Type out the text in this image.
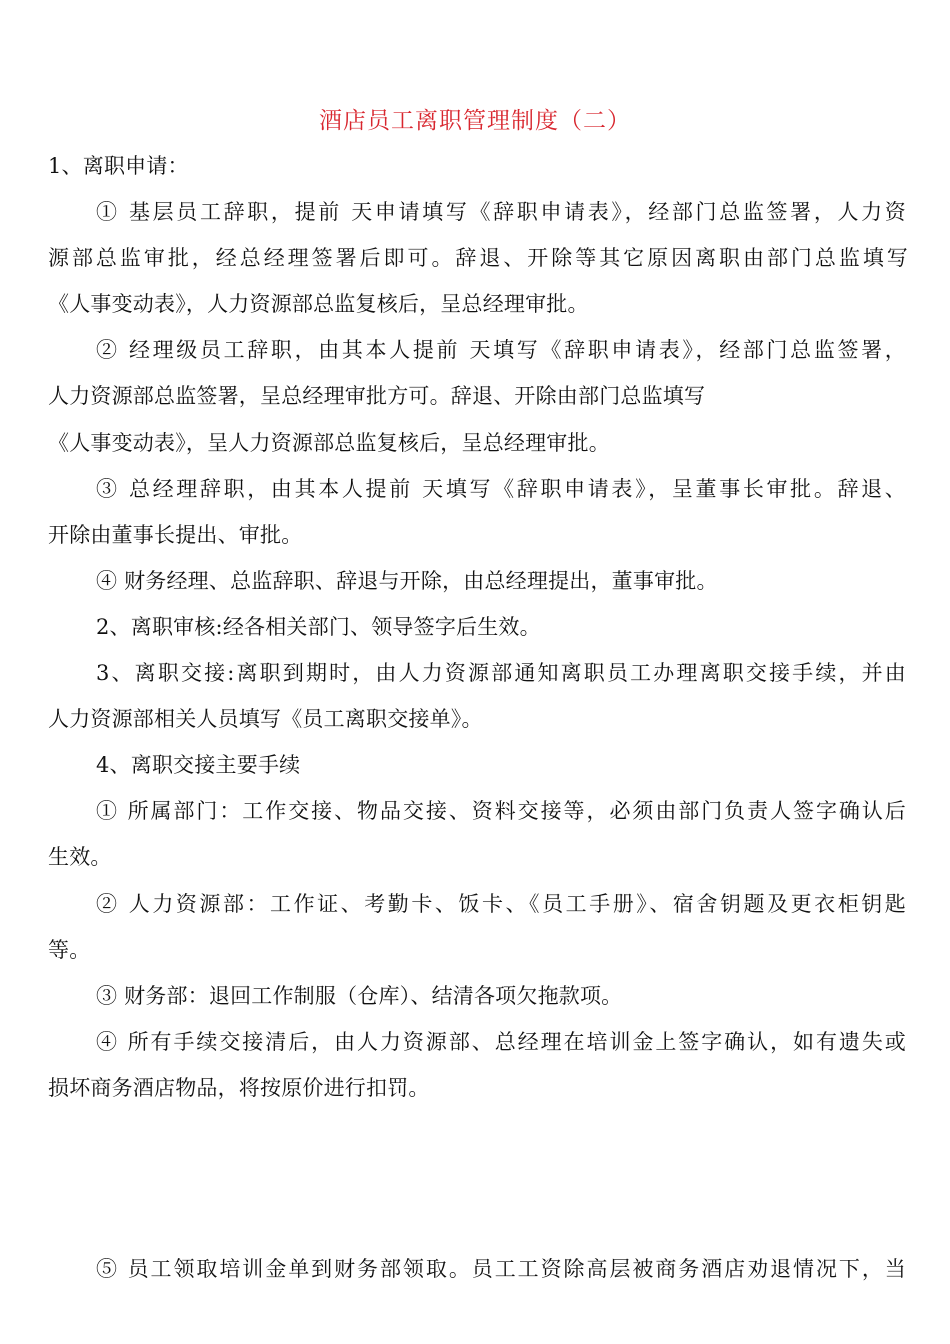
酒店员工离职管理制度（二）
1、离职申请：
① 基层员工辞职，提前 天申请填写《辞职申请表》，经部门总监签署，人力资
源部总监审批，经总经理签署后即可。辞退、开除等其它原因离职由部门总监填写
《人事变动表》，人力资源部总监复核后，呈总经理审批。
② 经理级员工辞职，由其本人提前 天填写《辞职申请表》，经部门总监签署，
人力资源部总监签署，呈总经理审批方可。辞退、开除由部门总监填写
《人事变动表》，呈人力资源部总监复核后，呈总经理审批。
③ 总经理辞职，由其本人提前 天填写《辞职申请表》，呈董事长审批。辞退、
开除由董事长提出、审批。
④ 财务经理、总监辞职、辞退与开除，由总经理提出，董事审批。
2、离职审核:经各相关部门、领导签字后生效。
3、离职交接:离职到期时，由人力资源部通知离职员工办理离职交接手续，并由
人力资源部相关人员填写《员工离职交接单》。
4、离职交接主要手续
① 所属部门：工作交接、物品交接、资料交接等，必须由部门负责人签字确认后
生效。
② 人力资源部：工作证、考勤卡、饭卡、《员工手册》、宿舍钥题及更衣柜钥匙
等。
③ 财务部：退回工作制服（仓库）、结清各项欠拖款项。
④ 所有手续交接清后，由人力资源部、总经理在培训金上签字确认，如有遗失或
损坏商务酒店物品，将按原价进行扣罚。
⑤ 员工领取培训金单到财务部领取。员工工资除高层被商务酒店劝退情况下，当
